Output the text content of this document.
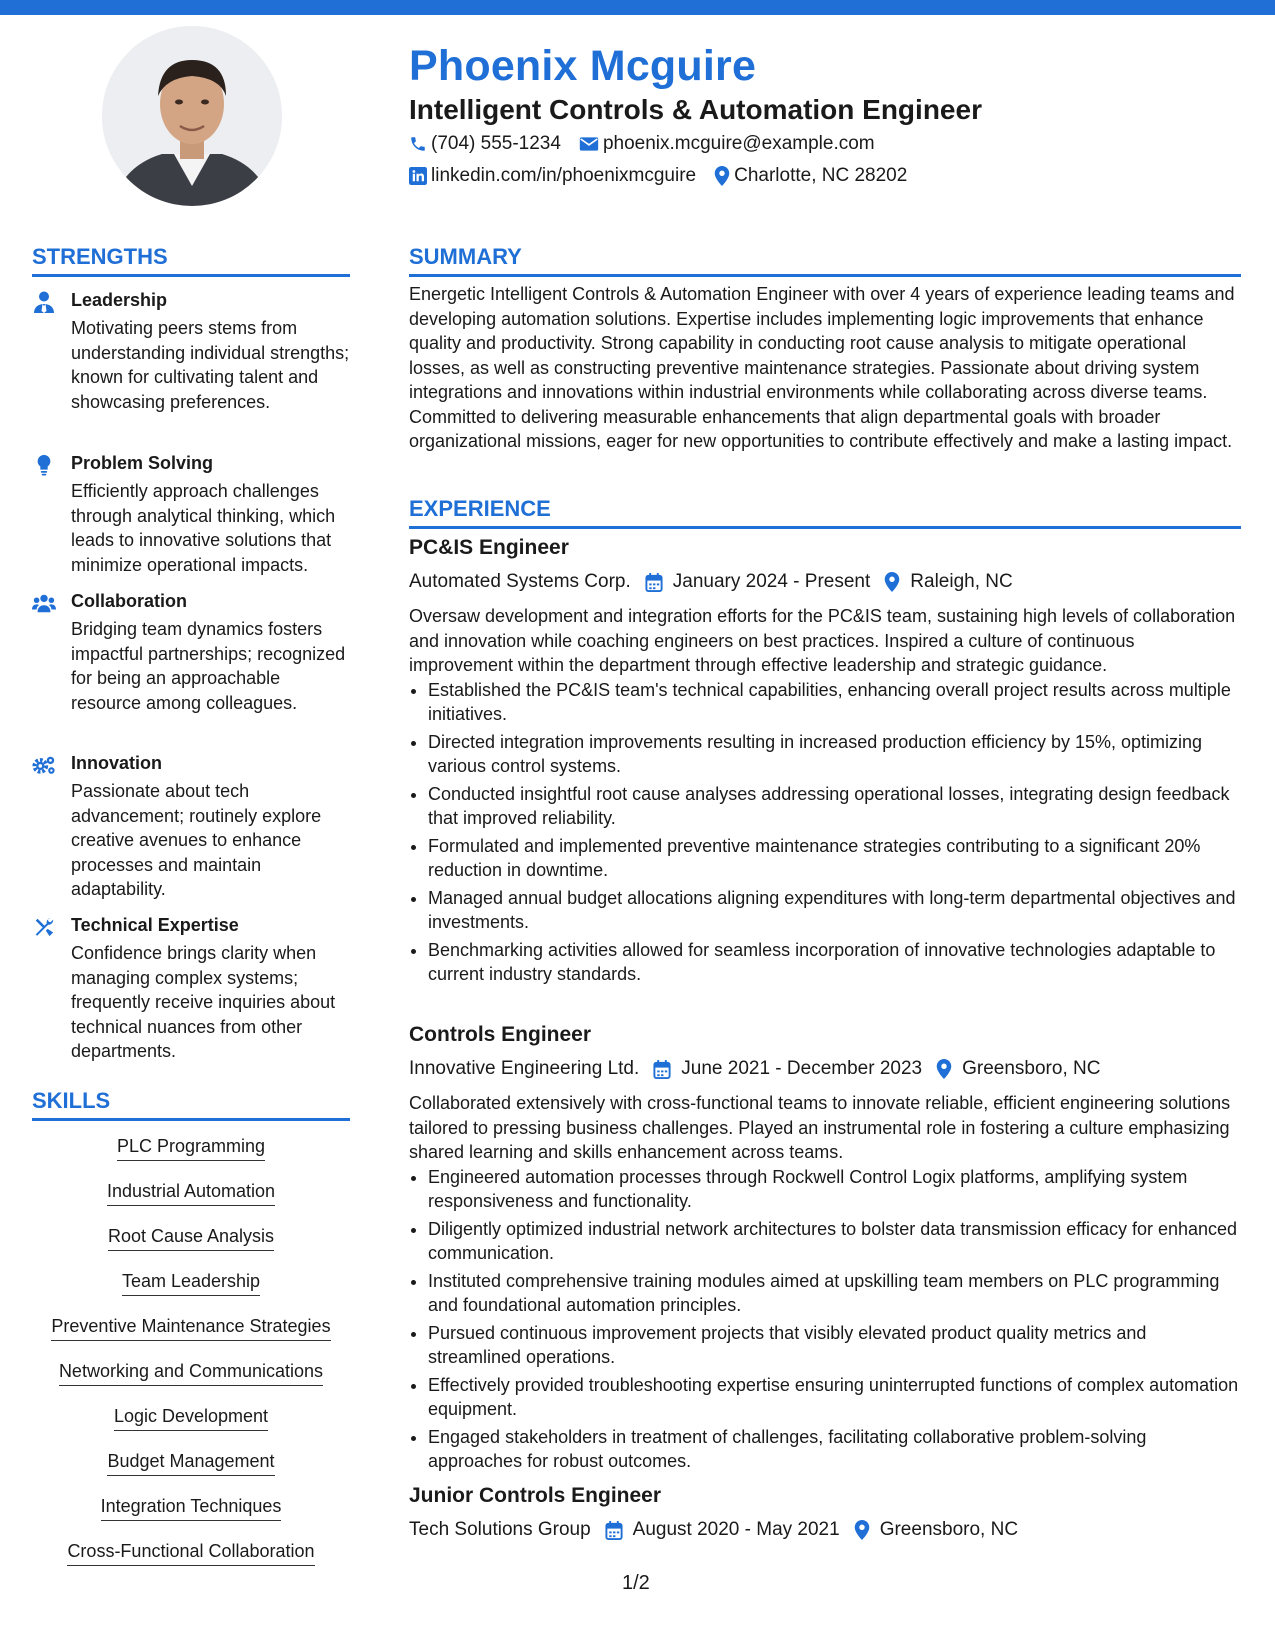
Phoenix Mcguire
Intelligent Controls & Automation Engineer
(704) 555-1234 phoenix.mcguire@example.com
linkedin.com/in/phoenixmcguire Charlotte, NC 28202
STRENGTHS
Leadership
Motivating peers stems from understanding individual strengths; known for cultivating talent and showcasing preferences.
Problem Solving
Efficiently approach challenges through analytical thinking, which leads to innovative solutions that minimize operational impacts.
Collaboration
Bridging team dynamics fosters impactful partnerships; recognized for being an approachable resource among colleagues.
Innovation
Passionate about tech advancement; routinely explore creative avenues to enhance processes and maintain adaptability.
Technical Expertise
Confidence brings clarity when managing complex systems; frequently receive inquiries about technical nuances from other departments.
SKILLS
PLC Programming
Industrial Automation
Root Cause Analysis
Team Leadership
Preventive Maintenance Strategies
Networking and Communications
Logic Development
Budget Management
Integration Techniques
Cross-Functional Collaboration
SUMMARY

Energetic Intelligent Controls & Automation Engineer with over 4 years of experience leading teams and developing automation solutions. Expertise includes implementing logic improvements that enhance quality and productivity. Strong capability in conducting root cause analysis to mitigate operational losses, as well as constructing preventive maintenance strategies. Passionate about driving system integrations and innovations within industrial environments while collaborating across diverse teams. Committed to delivering measurable enhancements that align departmental goals with broader organizational missions, eager for new opportunities to contribute effectively and make a lasting impact.

EXPERIENCE
PC&IS Engineer
Automated Systems Corp. January 2024 - Present Raleigh, NC

Oversaw development and integration efforts for the PC&IS team, sustaining high levels of collaboration and innovation while coaching engineers on best practices. Inspired a culture of continuous improvement within the department through effective leadership and strategic guidance.

• Established the PC&IS team's technical capabilities, enhancing overall project results across multiple initiatives.
• Directed integration improvements resulting in increased production efficiency by 15%, optimizing various control systems.
• Conducted insightful root cause analyses addressing operational losses, integrating design feedback that improved reliability.
• Formulated and implemented preventive maintenance strategies contributing to a significant 20% reduction in downtime.
• Managed annual budget allocations aligning expenditures with long-term departmental objectives and investments.
• Benchmarking activities allowed for seamless incorporation of innovative technologies adaptable to current industry standards.
Controls Engineer
Innovative Engineering Ltd. June 2021 - December 2023 Greensboro, NC

Collaborated extensively with cross-functional teams to innovate reliable, efficient engineering solutions tailored to pressing business challenges. Played an instrumental role in fostering a culture emphasizing shared learning and skills enhancement across teams.

• Engineered automation processes through Rockwell Control Logix platforms, amplifying system responsiveness and functionality.
• Diligently optimized industrial network architectures to bolster data transmission efficacy for enhanced communication.
• Instituted comprehensive training modules aimed at upskilling team members on PLC programming and foundational automation principles.
• Pursued continuous improvement projects that visibly elevated product quality metrics and streamlined operations.
• Effectively provided troubleshooting expertise ensuring uninterrupted functions of complex automation equipment.
• Engaged stakeholders in treatment of challenges, facilitating collaborative problem-solving approaches for robust outcomes.
Junior Controls Engineer
Tech Solutions Group August 2020 - May 2021 Greensboro, NC
1/2
